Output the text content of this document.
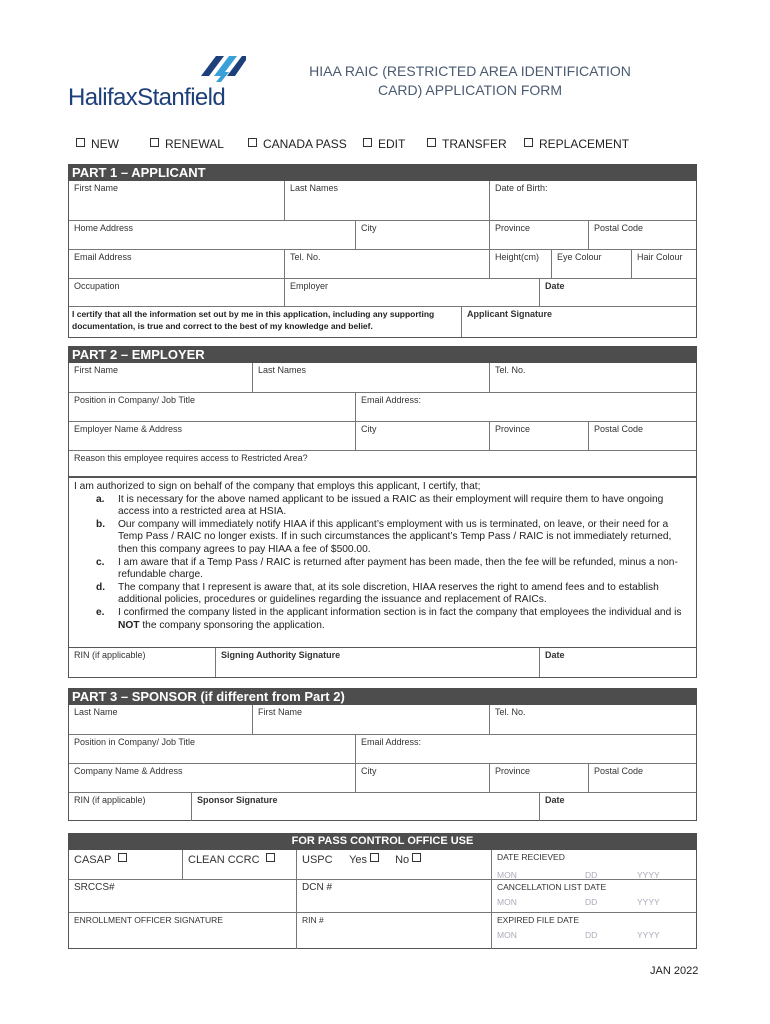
HalifaxStanfield
HIAA RAIC (RESTRICTED AREA IDENTIFICATION
CARD) APPLICATION FORM
NEW	RENEWAL	CANADA PASS	EDIT	TRANSFER	REPLACEMENT
PART 1 – APPLICANT
First Name	Last Names	Date of Birth:
Home Address	City	Province	Postal Code
Email Address	Tel. No.	Height(cm)	Eye Colour	Hair Colour
Occupation	Employer	Date
I certify that all the information set out by me in this application, including any supporting
documentation, is true and correct to the best of my knowledge and belief.
Applicant Signature
PART 2 – EMPLOYER
First Name	Last Names	Tel. No.
Position in Company/ Job Title	Email Address:
Employer Name & Address	City	Province	Postal Code
Reason this employee requires access to Restricted Area?
I am authorized to sign on behalf of the company that employs this applicant, I certify, that;
a. It is necessary for the above named applicant to be issued a RAIC as their employment will require them to have ongoing access into a restricted area at HSIA.
b. Our company will immediately notify HIAA if this applicant’s employment with us is terminated, on leave, or their need for a Temp Pass / RAIC no longer exists. If in such circumstances the applicant’s Temp Pass / RAIC is not immediately returned, then this company agrees to pay HIAA a fee of $500.00.
c. I am aware that if a Temp Pass / RAIC is returned after payment has been made, then the fee will be refunded, minus a non-refundable charge.
d. The company that I represent is aware that, at its sole discretion, HIAA reserves the right to amend fees and to establish additional policies, procedures or guidelines regarding the issuance and replacement of RAICs.
e. I confirmed the company listed in the applicant information section is in fact the company that employees the individual and is NOT the company sponsoring the application.
RIN (if applicable)	Signing Authority Signature	Date
PART 3 – SPONSOR (if different from Part 2)
Last Name	First Name	Tel. No.
Position in Company/ Job Title	Email Address:
Company Name & Address	City	Province	Postal Code
RIN (if applicable)	Sponsor Signature	Date
FOR PASS CONTROL OFFICE USE
CASAP	CLEAN CCRC	USPC Yes	No	DATE RECIEVED
MON	DD	YYYY
SRCCS#	DCN #	CANCELLATION LIST DATE
MON	DD	YYYY
ENROLLMENT OFFICER SIGNATURE	RIN #	EXPIRED FILE DATE
MON	DD	YYYY
JAN 2022
